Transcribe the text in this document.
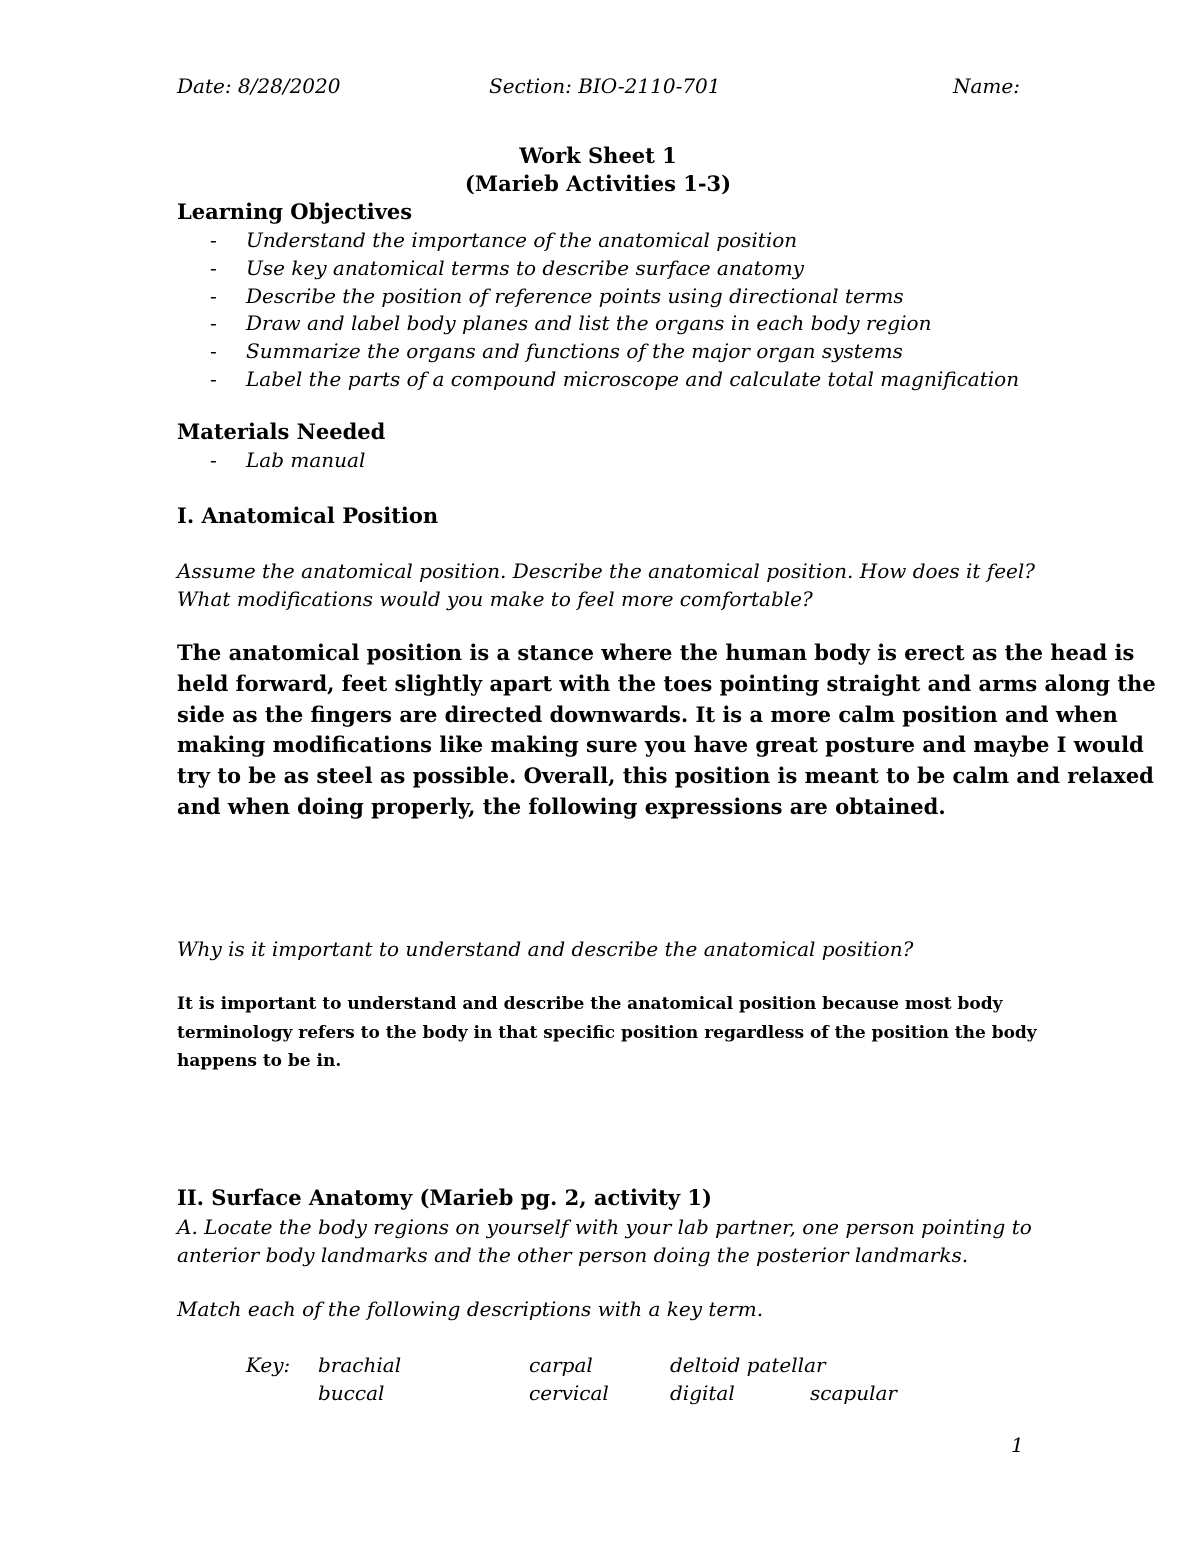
Date: 8/28/2020	Section: BIO-2110-701	Name:
Work Sheet 1
(Marieb Activities 1-3)
Learning Objectives
- Understand the importance of the anatomical position
- Use key anatomical terms to describe surface anatomy
- Describe the position of reference points using directional terms
- Draw and label body planes and list the organs in each body region
- Summarize the organs and functions of the major organ systems
- Label the parts of a compound microscope and calculate total magnification
Materials Needed
- Lab manual
I. Anatomical Position
Assume the anatomical position. Describe the anatomical position. How does it feel?
What modifications would you make to feel more comfortable?
The anatomical position is a stance where the human body is erect as the head is
held forward, feet slightly apart with the toes pointing straight and arms along the
side as the fingers are directed downwards. It is a more calm position and when
making modifications like making sure you have great posture and maybe I would
try to be as steel as possible. Overall, this position is meant to be calm and relaxed
and when doing properly, the following expressions are obtained.
Why is it important to understand and describe the anatomical position?
It is important to understand and describe the anatomical position because most body
terminology refers to the body in that specific position regardless of the position the body
happens to be in.
II. Surface Anatomy (Marieb pg. 2, activity 1)
A. Locate the body regions on yourself with your lab partner, one person pointing to
anterior body landmarks and the other person doing the posterior landmarks.
Match each of the following descriptions with a key term.
Key: brachial	carpal	deltoid patellar
buccal	cervical	digital	scapular
1
